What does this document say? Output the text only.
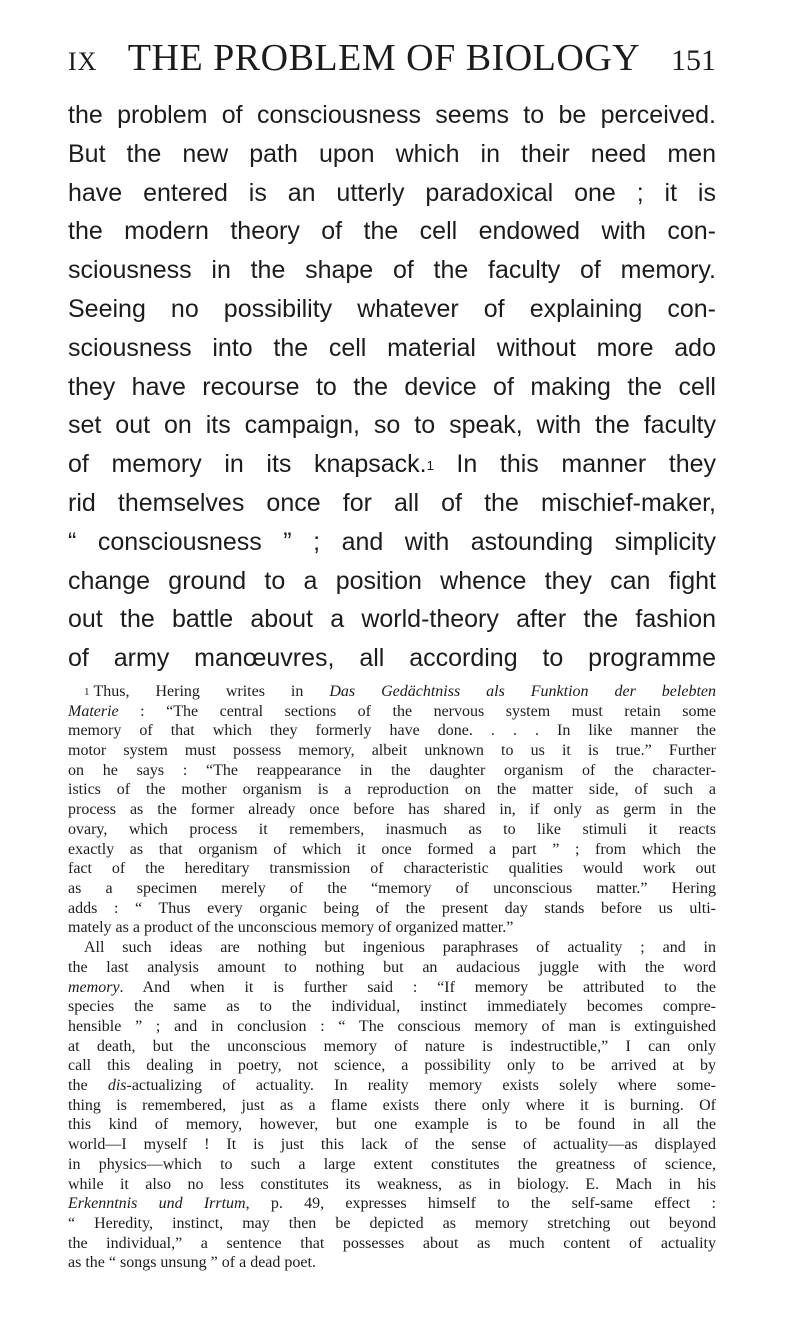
IX THE PROBLEM OF BIOLOGY	151
the problem of consciousness seems to be perceived.
But the new path upon which in their need men
have entered is an utterly paradoxical one ; it is
the modern theory of the cell endowed with con-
sciousness in the shape of the faculty of memory.
Seeing no possibility whatever of explaining con-
sciousness into the cell material without more ado
they have recourse to the device of making the cell
set out on its campaign, so to speak, with the faculty
of memory in its knapsack.$^1$ In this manner they
rid themselves once for all of the mischief-maker,
“ consciousness ” ; and with astounding simplicity
change ground to a position whence they can fight
out the battle about a world-theory after the fashion
of army manœuvres, all according to programme
$^1$ Thus, Hering writes in Das Gedächtniss als Funktion der belebten
Materie : “The central sections of the nervous system must retain some
memory of that which they formerly have done. . . . In like manner the
motor system must possess memory, albeit unknown to us it is true.” Further
on he says : “The reappearance in the daughter organism of the character-
istics of the mother organism is a reproduction on the matter side, of such a
process as the former already once before has shared in, if only as germ in the
ovary, which process it remembers, inasmuch as to like stimuli it reacts
exactly as that organism of which it once formed a part ” ; from which the
fact of the hereditary transmission of characteristic qualities would work out
as a specimen merely of the “memory of unconscious matter.” Hering
adds : “ Thus every organic being of the present day stands before us ulti-
mately as a product of the unconscious memory of organized matter.”
All such ideas are nothing but ingenious paraphrases of actuality ; and in
the last analysis amount to nothing but an audacious juggle with the word
memory. And when it is further said : “If memory be attributed to the
species the same as to the individual, instinct immediately becomes compre-
hensible ” ; and in conclusion : “ The conscious memory of man is extinguished
at death, but the unconscious memory of nature is indestructible,” I can only
call this dealing in poetry, not science, a possibility only to be arrived at by
the dis-actualizing of actuality. In reality memory exists solely where some-
thing is remembered, just as a flame exists there only where it is burning. Of
this kind of memory, however, but one example is to be found in all the
world—I myself ! It is just this lack of the sense of actuality—as displayed
in physics—which to such a large extent constitutes the greatness of science,
while it also no less constitutes its weakness, as in biology. E. Mach in his
Erkenntnis und Irrtum, p. 49, expresses himself to the self-same effect :
“ Heredity, instinct, may then be depicted as memory stretching out beyond
the individual,” a sentence that possesses about as much content of actuality
as the “ songs unsung ” of a dead poet.
